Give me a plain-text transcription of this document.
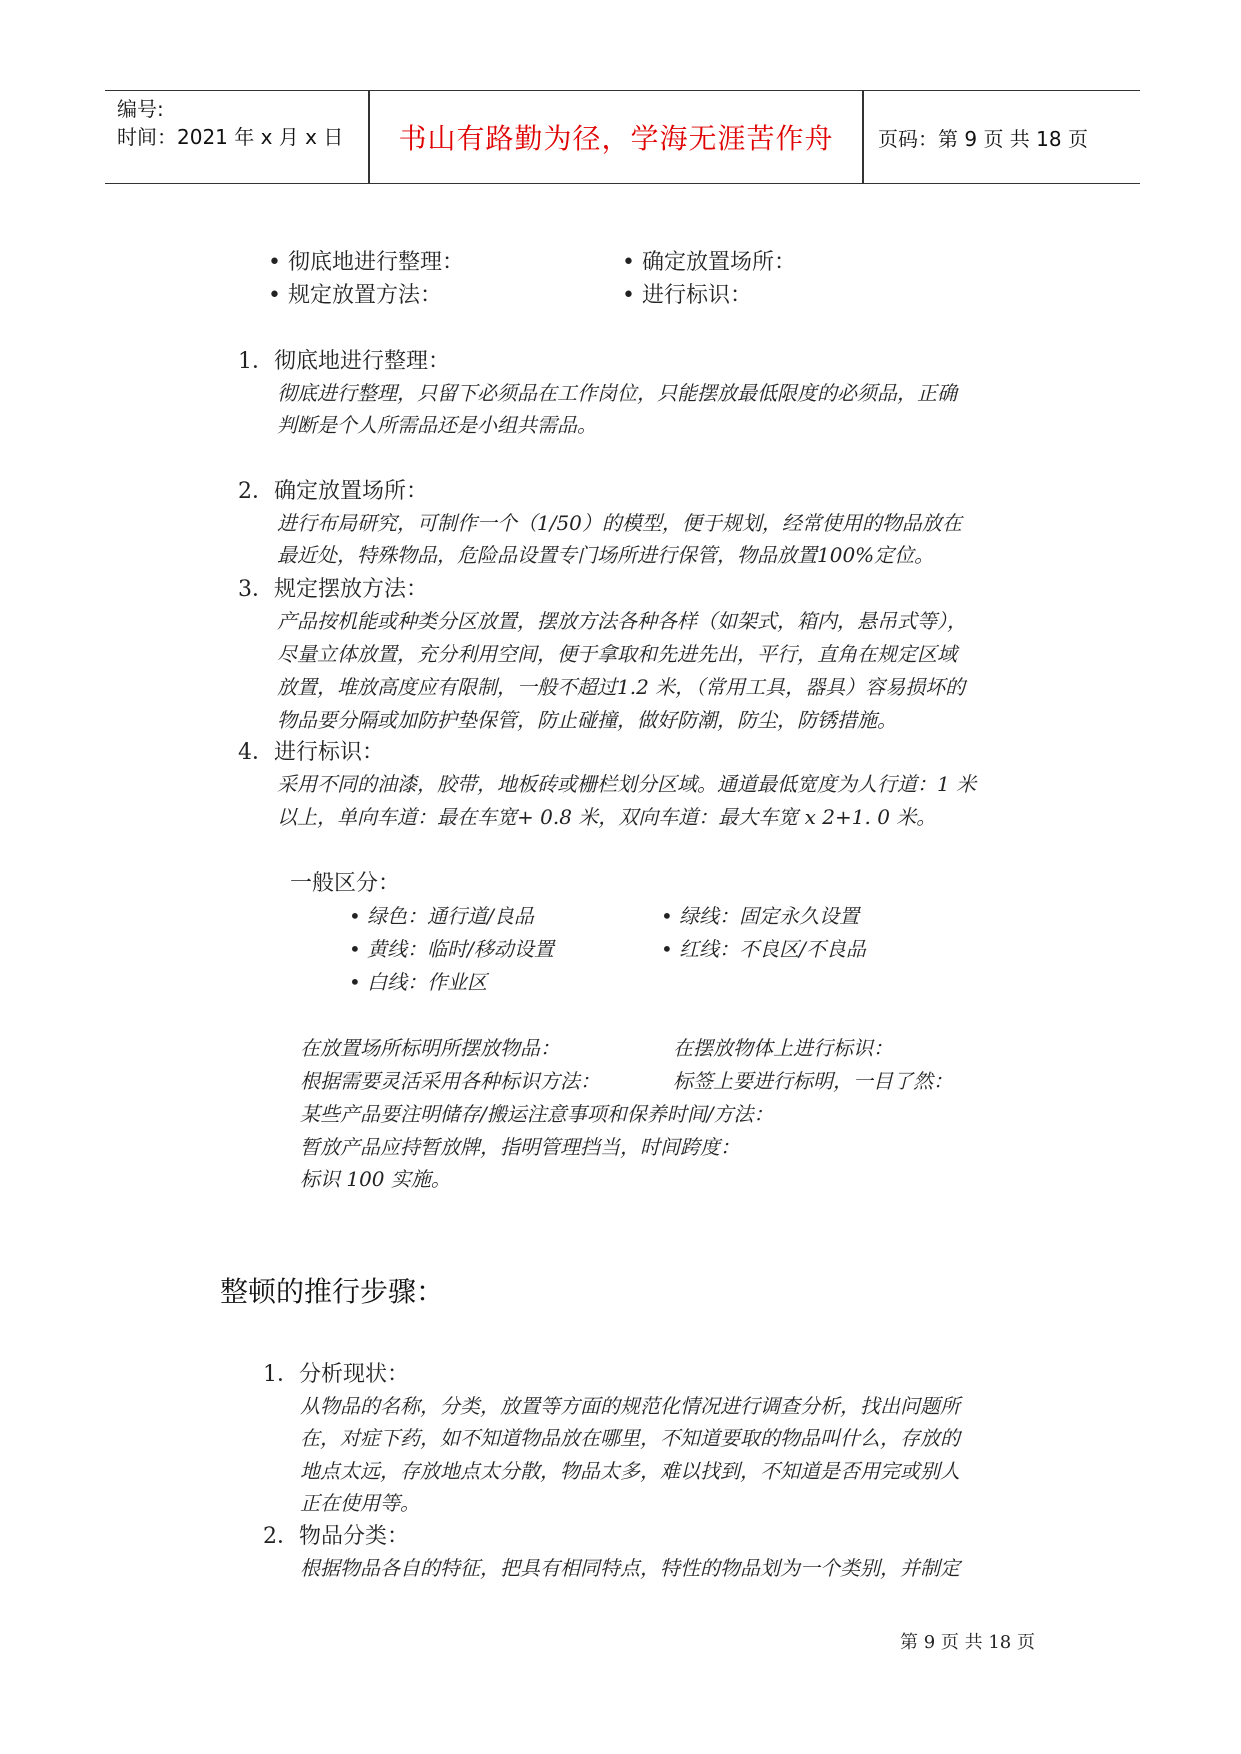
编号:
时间：2021 年 x 月 x 日	书山有路勤为径，学海无涯苦作舟	页码：第 9 页 共 18 页
• 彻底地进行整理：	• 确定放置场所：
• 规定放置方法：	• 进行标识：
1．彻底地进行整理：
彻底进行整理，只留下必须品在工作岗位，只能摆放最低限度的必须品，正确
判断是个人所需品还是小组共需品。
2．确定放置场所：
进行布局研究，可制作一个（1/50）的模型，便于规划，经常使用的物品放在
最近处，特殊物品，危险品设置专门场所进行保管，物品放置100%定位。
3．规定摆放方法：
产品按机能或种类分区放置，摆放方法各种各样（如架式，箱内，悬吊式等），
尽量立体放置，充分利用空间，便于拿取和先进先出，平行，直角在规定区域
放置，堆放高度应有限制，一般不超过1.2 米，（常用工具，器具）容易损坏的
物品要分隔或加防护垫保管，防止碰撞，做好防潮，防尘，防锈措施。
4．进行标识：
采用不同的油漆，胶带，地板砖或栅栏划分区域。通道最低宽度为人行道：1 米
以上，单向车道：最在车宽+ 0.8 米，双向车道：最大车宽 x 2+1. 0 米。
一般区分：
• 绿色：通行道/良品	• 绿线：固定永久设置
• 黄线：临时/移动设置	• 红线：不良区/不良品
• 白线：作业区
在放置场所标明所摆放物品：	在摆放物体上进行标识：
根据需要灵活采用各种标识方法：	标签上要进行标明，一目了然：
某些产品要注明储存/搬运注意事项和保养时间/方法：
暂放产品应持暂放牌，指明管理挡当，时间跨度：
标识 100 实施。
整顿的推行步骤：
1．分析现状：
从物品的名称，分类，放置等方面的规范化情况进行调查分析，找出问题所
在，对症下药，如不知道物品放在哪里，不知道要取的物品叫什么，存放的
地点太远，存放地点太分散，物品太多，难以找到，不知道是否用完或别人
正在使用等。
2．物品分类：
根据物品各自的特征，把具有相同特点，特性的物品划为一个类别，并制定
第 9 页 共 18 页
